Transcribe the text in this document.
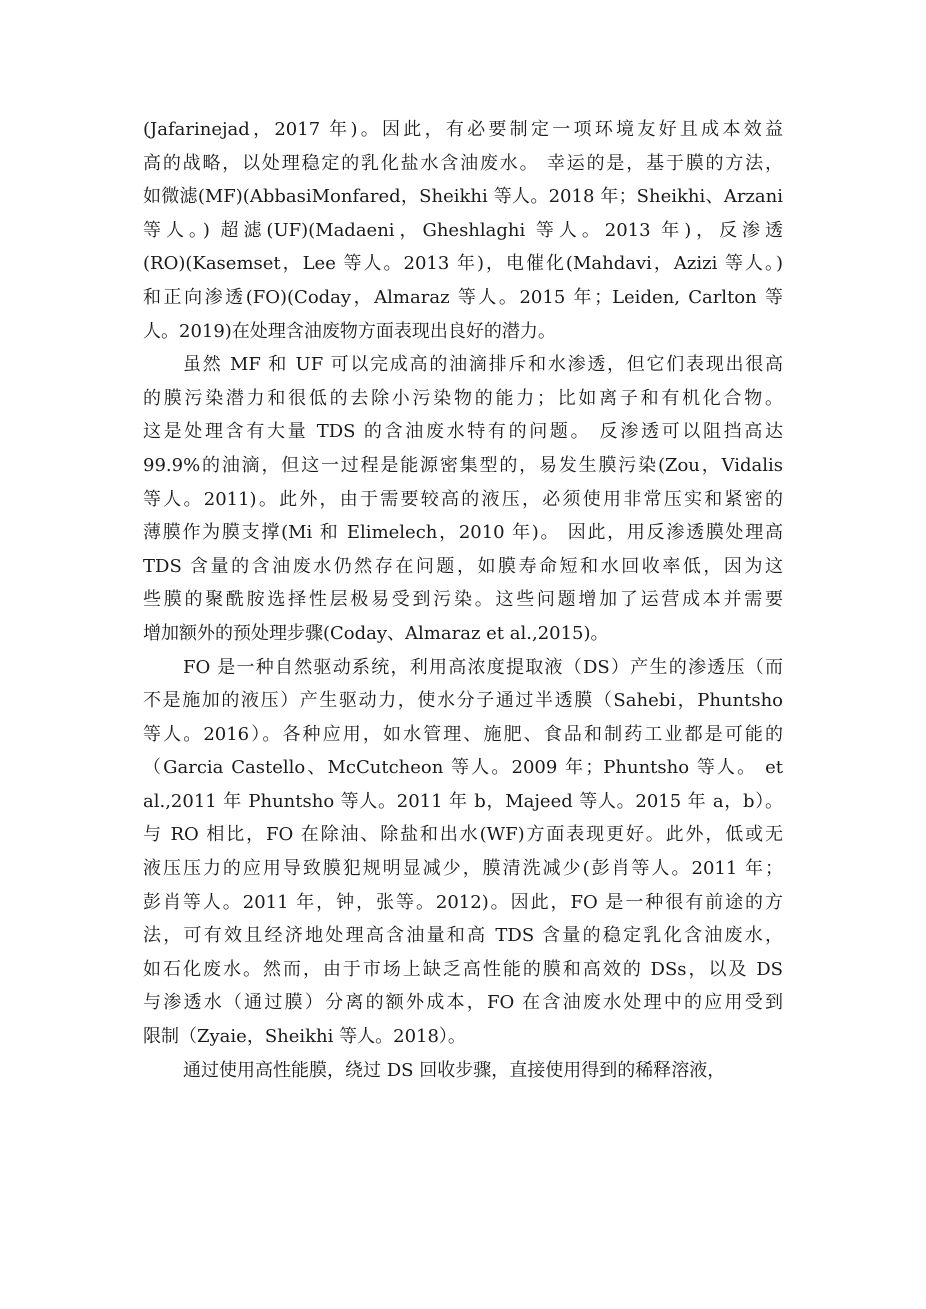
(Jafarinejad，2017 年)。因此，有必要制定一项环境友好且成本效益
高的战略，以处理稳定的乳化盐水含油废水。 幸运的是，基于膜的方法，
如微滤(MF)(AbbasiMonfared，Sheikhi 等人。2018 年；Sheikhi、Arzani
等人。) 超滤(UF)(Madaeni，Gheshlaghi 等人。2013 年)，反渗透
(RO)(Kasemset，Lee 等人。2013 年)，电催化(Mahdavi，Azizi 等人。)
和正向渗透(FO)(Coday，Almaraz 等人。2015 年；Leiden, Carlton 等
人。2019)在处理含油废物方面表现出良好的潜力。
虽然 MF 和 UF 可以完成高的油滴排斥和水渗透，但它们表现出很高
的膜污染潜力和很低的去除小污染物的能力；比如离子和有机化合物。
这是处理含有大量 TDS 的含油废水特有的问题。 反渗透可以阻挡高达
99.9%的油滴，但这一过程是能源密集型的，易发生膜污染(Zou，Vidalis
等人。2011)。此外，由于需要较高的液压，必须使用非常压实和紧密的
薄膜作为膜支撑(Mi 和 Elimelech，2010 年)。 因此，用反渗透膜处理高
TDS 含量的含油废水仍然存在问题，如膜寿命短和水回收率低，因为这
些膜的聚酰胺选择性层极易受到污染。这些问题增加了运营成本并需要
增加额外的预处理步骤(Coday、Almaraz et al.,2015)。
FO 是一种自然驱动系统，利用高浓度提取液（DS）产生的渗透压（而
不是施加的液压）产生驱动力，使水分子通过半透膜（Sahebi，Phuntsho
等人。2016）。各种应用，如水管理、施肥、食品和制药工业都是可能的
（Garcia Castello、McCutcheon 等人。2009 年；Phuntsho 等人。 et
al.,2011 年 Phuntsho 等人。2011 年 b，Majeed 等人。2015 年 a，b）。
与 RO 相比，FO 在除油、除盐和出水(WF)方面表现更好。此外，低或无
液压压力的应用导致膜犯规明显减少，膜清洗减少(彭肖等人。2011 年；
彭肖等人。2011 年，钟，张等。2012)。因此，FO 是一种很有前途的方
法，可有效且经济地处理高含油量和高 TDS 含量的稳定乳化含油废水，
如石化废水。然而，由于市场上缺乏高性能的膜和高效的 DSs，以及 DS
与渗透水（通过膜）分离的额外成本，FO 在含油废水处理中的应用受到
限制（Zyaie，Sheikhi 等人。2018）。
通过使用高性能膜，绕过 DS 回收步骤，直接使用得到的稀释溶液，
